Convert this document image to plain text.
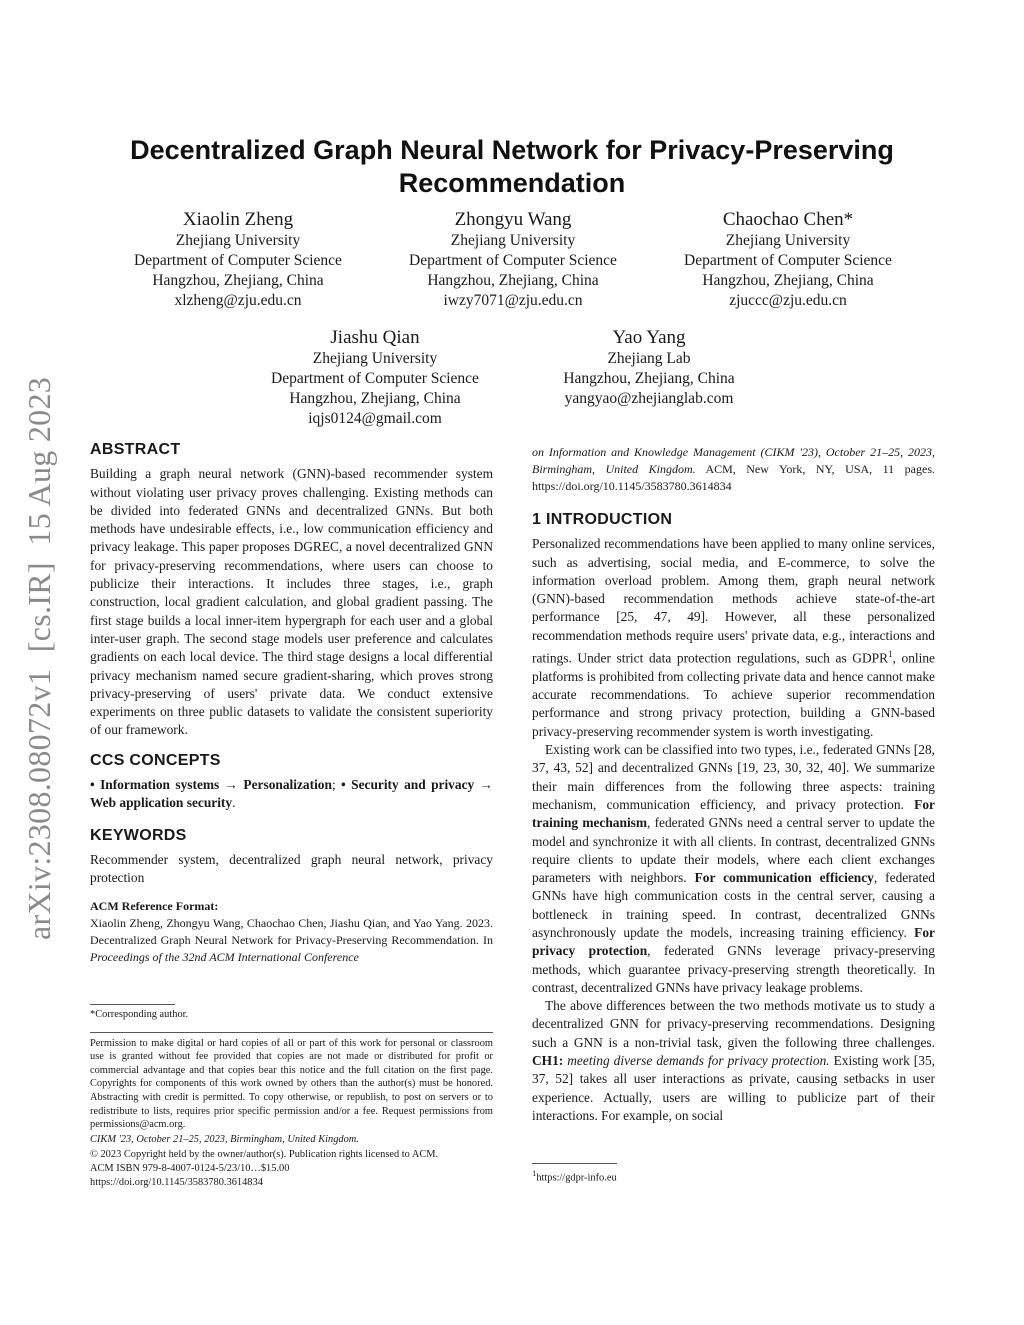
Decentralized Graph Neural Network for Privacy-Preserving Recommendation
arXiv:2308.08072v1  [cs.IR]  15 Aug 2023
Xiaolin Zheng
Zhejiang University
Department of Computer Science
Hangzhou, Zhejiang, China
xlzheng@zju.edu.cn
Zhongyu Wang
Zhejiang University
Department of Computer Science
Hangzhou, Zhejiang, China
iwzy7071@zju.edu.cn
Chaochao Chen*
Zhejiang University
Department of Computer Science
Hangzhou, Zhejiang, China
zjuccc@zju.edu.cn
Jiashu Qian
Zhejiang University
Department of Computer Science
Hangzhou, Zhejiang, China
iqjs0124@gmail.com
Yao Yang
Zhejiang Lab
Hangzhou, Zhejiang, China
yangyao@zhejianglab.com
ABSTRACT

Building a graph neural network (GNN)-based recommender system without violating user privacy proves challenging. Existing methods can be divided into federated GNNs and decentralized GNNs. But both methods have undesirable effects, i.e., low communication efficiency and privacy leakage. This paper proposes DGREC, a novel decentralized GNN for privacy-preserving recommendations, where users can choose to publicize their interactions. It includes three stages, i.e., graph construction, local gradient calculation, and global gradient passing. The first stage builds a local inner-item hypergraph for each user and a global inter-user graph. The second stage models user preference and calculates gradients on each local device. The third stage designs a local differential privacy mechanism named secure gradient-sharing, which proves strong privacy-preserving of users' private data. We conduct extensive experiments on three public datasets to validate the consistent superiority of our framework.

CCS CONCEPTS

• Information systems → Personalization; • Security and privacy → Web application security.

KEYWORDS

Recommender system, decentralized graph neural network, privacy protection

ACM Reference Format:

Xiaolin Zheng, Zhongyu Wang, Chaochao Chen, Jiashu Qian, and Yao Yang. 2023. Decentralized Graph Neural Network for Privacy-Preserving Recommendation. In Proceedings of the 32nd ACM International Conference

*Corresponding author.

Permission to make digital or hard copies of all or part of this work for personal or classroom use is granted without fee provided that copies are not made or distributed for profit or commercial advantage and that copies bear this notice and the full citation on the first page. Copyrights for components of this work owned by others than the author(s) must be honored. Abstracting with credit is permitted. To copy otherwise, or republish, to post on servers or to redistribute to lists, requires prior specific permission and/or a fee. Request permissions from permissions@acm.org.

CIKM '23, October 21–25, 2023, Birmingham, United Kingdom.
© 2023 Copyright held by the owner/author(s). Publication rights licensed to ACM.
ACM ISBN 979-8-4007-0124-5/23/10…$15.00
https://doi.org/10.1145/3583780.3614834

on Information and Knowledge Management (CIKM '23), October 21–25, 2023, Birmingham, United Kingdom. ACM, New York, NY, USA, 11 pages. https://doi.org/10.1145/3583780.3614834

1 INTRODUCTION

Personalized recommendations have been applied to many online services, such as advertising, social media, and E-commerce, to solve the information overload problem. Among them, graph neural network (GNN)-based recommendation methods achieve state-of-the-art performance [25, 47, 49]. However, all these personalized recommendation methods require users' private data, e.g., interactions and ratings. Under strict data protection regulations, such as GDPR$^1$, online platforms is prohibited from collecting private data and hence cannot make accurate recommendations. To achieve superior recommendation performance and strong privacy protection, building a GNN-based privacy-preserving recommender system is worth investigating.

Existing work can be classified into two types, i.e., federated GNNs [28, 37, 43, 52] and decentralized GNNs [19, 23, 30, 32, 40]. We summarize their main differences from the following three aspects: training mechanism, communication efficiency, and privacy protection. For training mechanism, federated GNNs need a central server to update the model and synchronize it with all clients. In contrast, decentralized GNNs require clients to update their models, where each client exchanges parameters with neighbors. For communication efficiency, federated GNNs have high communication costs in the central server, causing a bottleneck in training speed. In contrast, decentralized GNNs asynchronously update the models, increasing training efficiency. For privacy protection, federated GNNs leverage privacy-preserving methods, which guarantee privacy-preserving strength theoretically. In contrast, decentralized GNNs have privacy leakage problems.

The above differences between the two methods motivate us to study a decentralized GNN for privacy-preserving recommendations. Designing such a GNN is a non-trivial task, given the following three challenges. CH1: meeting diverse demands for privacy protection. Existing work [35, 37, 52] takes all user interactions as private, causing setbacks in user experience. Actually, users are willing to publicize part of their interactions. For example, on social

$^1$https://gdpr-info.eu
